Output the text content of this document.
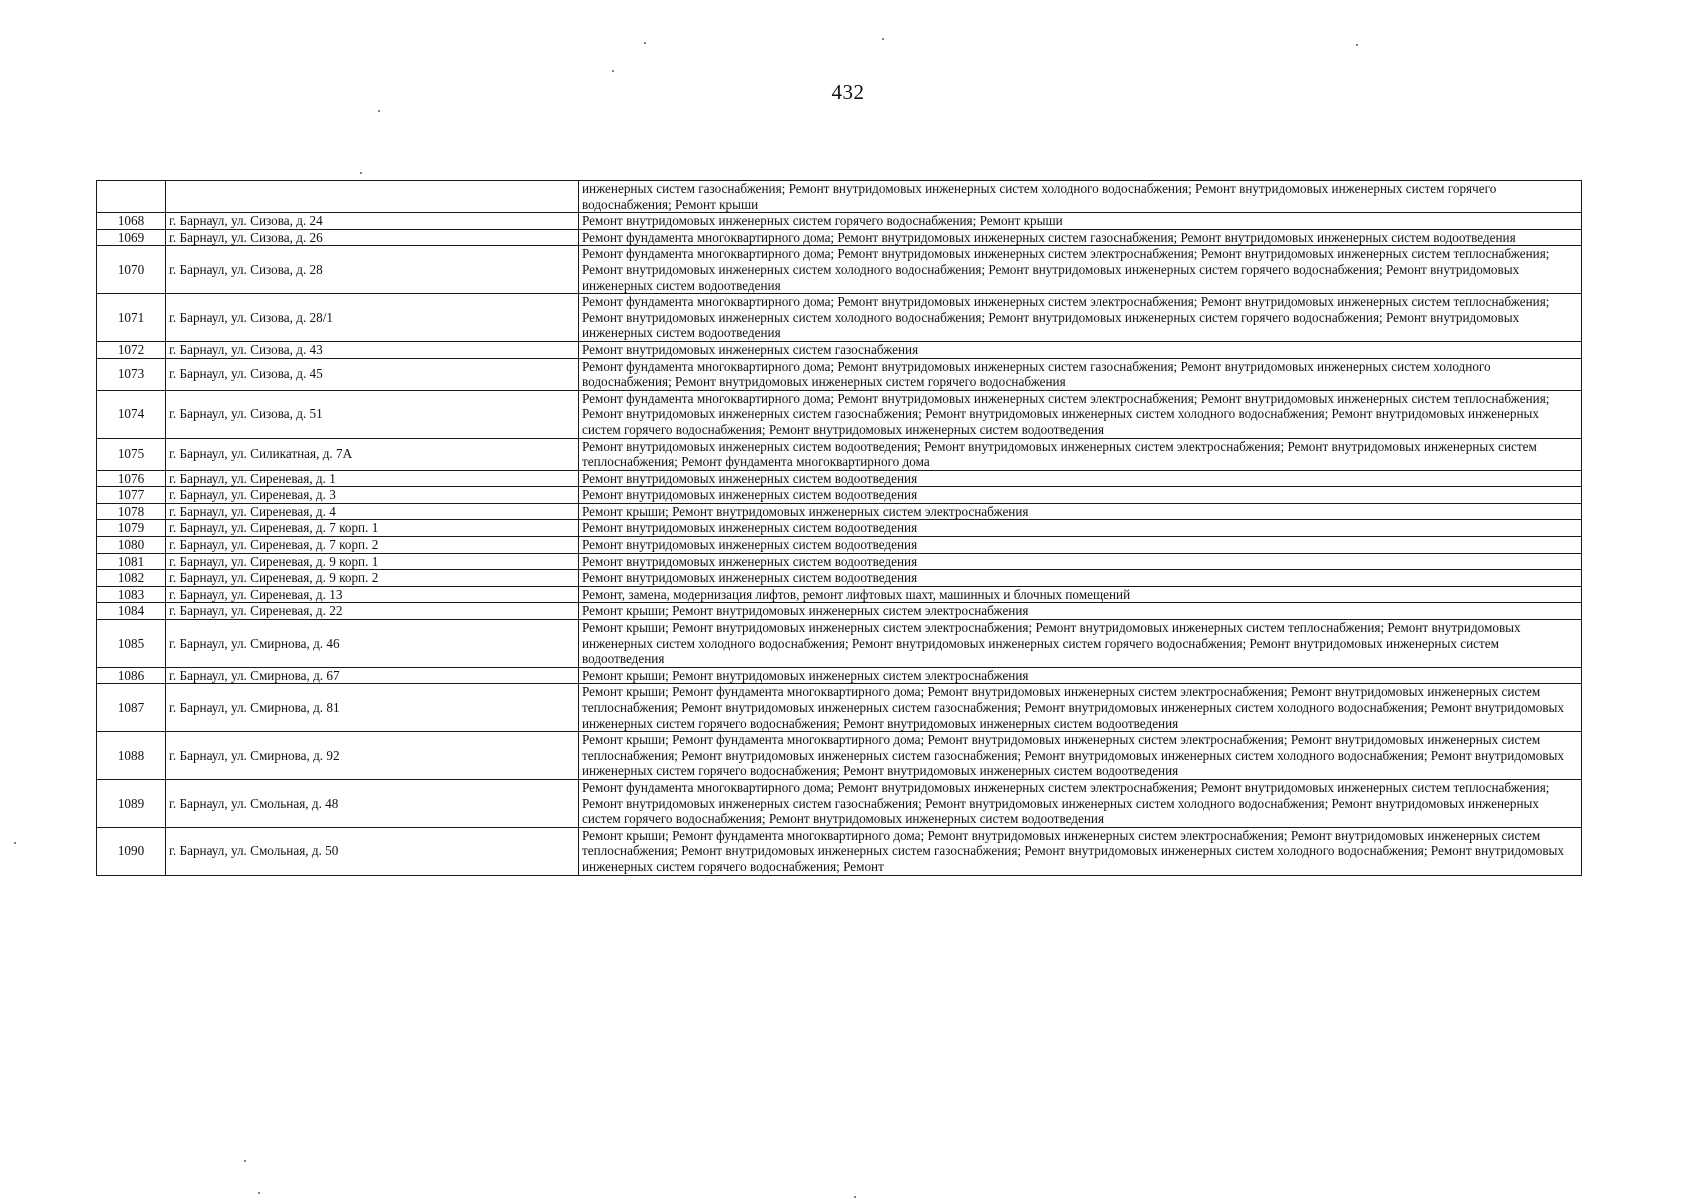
432
		инженерных систем газоснабжения; Ремонт внутридомовых инженерных систем холодного водоснабжения; Ремонт внутридомовых инженерных систем горячего водоснабжения; Ремонт крыши
1068	г. Барнаул, ул. Сизова, д. 24	Ремонт внутридомовых инженерных систем горячего водоснабжения; Ремонт крыши
1069	г. Барнаул, ул. Сизова, д. 26	Ремонт фундамента многоквартирного дома; Ремонт внутридомовых инженерных систем газоснабжения; Ремонт внутридомовых инженерных систем водоотведения
1070	г. Барнаул, ул. Сизова, д. 28	Ремонт фундамента многоквартирного дома; Ремонт внутридомовых инженерных систем электроснабжения; Ремонт внутридомовых инженерных систем теплоснабжения; Ремонт внутридомовых инженерных систем холодного водоснабжения; Ремонт внутридомовых инженерных систем горячего водоснабжения; Ремонт внутридомовых инженерных систем водоотведения
1071	г. Барнаул, ул. Сизова, д. 28/1	Ремонт фундамента многоквартирного дома; Ремонт внутридомовых инженерных систем электроснабжения; Ремонт внутридомовых инженерных систем теплоснабжения; Ремонт внутридомовых инженерных систем холодного водоснабжения; Ремонт внутридомовых инженерных систем горячего водоснабжения; Ремонт внутридомовых инженерных систем водоотведения
1072	г. Барнаул, ул. Сизова, д. 43	Ремонт внутридомовых инженерных систем газоснабжения
1073	г. Барнаул, ул. Сизова, д. 45	Ремонт фундамента многоквартирного дома; Ремонт внутридомовых инженерных систем газоснабжения; Ремонт внутридомовых инженерных систем холодного водоснабжения; Ремонт внутридомовых инженерных систем горячего водоснабжения
1074	г. Барнаул, ул. Сизова, д. 51	Ремонт фундамента многоквартирного дома; Ремонт внутридомовых инженерных систем электроснабжения; Ремонт внутридомовых инженерных систем теплоснабжения; Ремонт внутридомовых инженерных систем газоснабжения; Ремонт внутридомовых инженерных систем холодного водоснабжения; Ремонт внутридомовых инженерных систем горячего водоснабжения; Ремонт внутридомовых инженерных систем водоотведения
1075	г. Барнаул, ул. Силикатная, д. 7А	Ремонт внутридомовых инженерных систем водоотведения; Ремонт внутридомовых инженерных систем электроснабжения; Ремонт внутридомовых инженерных систем теплоснабжения; Ремонт фундамента многоквартирного дома
1076	г. Барнаул, ул. Сиреневая, д. 1	Ремонт внутридомовых инженерных систем водоотведения
1077	г. Барнаул, ул. Сиреневая, д. 3	Ремонт внутридомовых инженерных систем водоотведения
1078	г. Барнаул, ул. Сиреневая, д. 4	Ремонт крыши; Ремонт внутридомовых инженерных систем электроснабжения
1079	г. Барнаул, ул. Сиреневая, д. 7 корп. 1	Ремонт внутридомовых инженерных систем водоотведения
1080	г. Барнаул, ул. Сиреневая, д. 7 корп. 2	Ремонт внутридомовых инженерных систем водоотведения
1081	г. Барнаул, ул. Сиреневая, д. 9 корп. 1	Ремонт внутридомовых инженерных систем водоотведения
1082	г. Барнаул, ул. Сиреневая, д. 9 корп. 2	Ремонт внутридомовых инженерных систем водоотведения
1083	г. Барнаул, ул. Сиреневая, д. 13	Ремонт, замена, модернизация лифтов, ремонт лифтовых шахт, машинных и блочных помещений
1084	г. Барнаул, ул. Сиреневая, д. 22	Ремонт крыши; Ремонт внутридомовых инженерных систем электроснабжения
1085	г. Барнаул, ул. Смирнова, д. 46	Ремонт крыши; Ремонт внутридомовых инженерных систем электроснабжения; Ремонт внутридомовых инженерных систем теплоснабжения; Ремонт внутридомовых инженерных систем холодного водоснабжения; Ремонт внутридомовых инженерных систем горячего водоснабжения; Ремонт внутридомовых инженерных систем водоотведения
1086	г. Барнаул, ул. Смирнова, д. 67	Ремонт крыши; Ремонт внутридомовых инженерных систем электроснабжения
1087	г. Барнаул, ул. Смирнова, д. 81	Ремонт крыши; Ремонт фундамента многоквартирного дома; Ремонт внутридомовых инженерных систем электроснабжения; Ремонт внутридомовых инженерных систем теплоснабжения; Ремонт внутридомовых инженерных систем газоснабжения; Ремонт внутридомовых инженерных систем холодного водоснабжения; Ремонт внутридомовых инженерных систем горячего водоснабжения; Ремонт внутридомовых инженерных систем водоотведения
1088	г. Барнаул, ул. Смирнова, д. 92	Ремонт крыши; Ремонт фундамента многоквартирного дома; Ремонт внутридомовых инженерных систем электроснабжения; Ремонт внутридомовых инженерных систем теплоснабжения; Ремонт внутридомовых инженерных систем газоснабжения; Ремонт внутридомовых инженерных систем холодного водоснабжения; Ремонт внутридомовых инженерных систем горячего водоснабжения; Ремонт внутридомовых инженерных систем водоотведения
1089	г. Барнаул, ул. Смольная, д. 48	Ремонт фундамента многоквартирного дома; Ремонт внутридомовых инженерных систем электроснабжения; Ремонт внутридомовых инженерных систем теплоснабжения; Ремонт внутридомовых инженерных систем газоснабжения; Ремонт внутридомовых инженерных систем холодного водоснабжения; Ремонт внутридомовых инженерных систем горячего водоснабжения; Ремонт внутридомовых инженерных систем водоотведения
1090	г. Барнаул, ул. Смольная, д. 50	Ремонт крыши; Ремонт фундамента многоквартирного дома; Ремонт внутридомовых инженерных систем электроснабжения; Ремонт внутридомовых инженерных систем теплоснабжения; Ремонт внутридомовых инженерных систем газоснабжения; Ремонт внутридомовых инженерных систем холодного водоснабжения; Ремонт внутридомовых инженерных систем горячего водоснабжения; Ремонт
